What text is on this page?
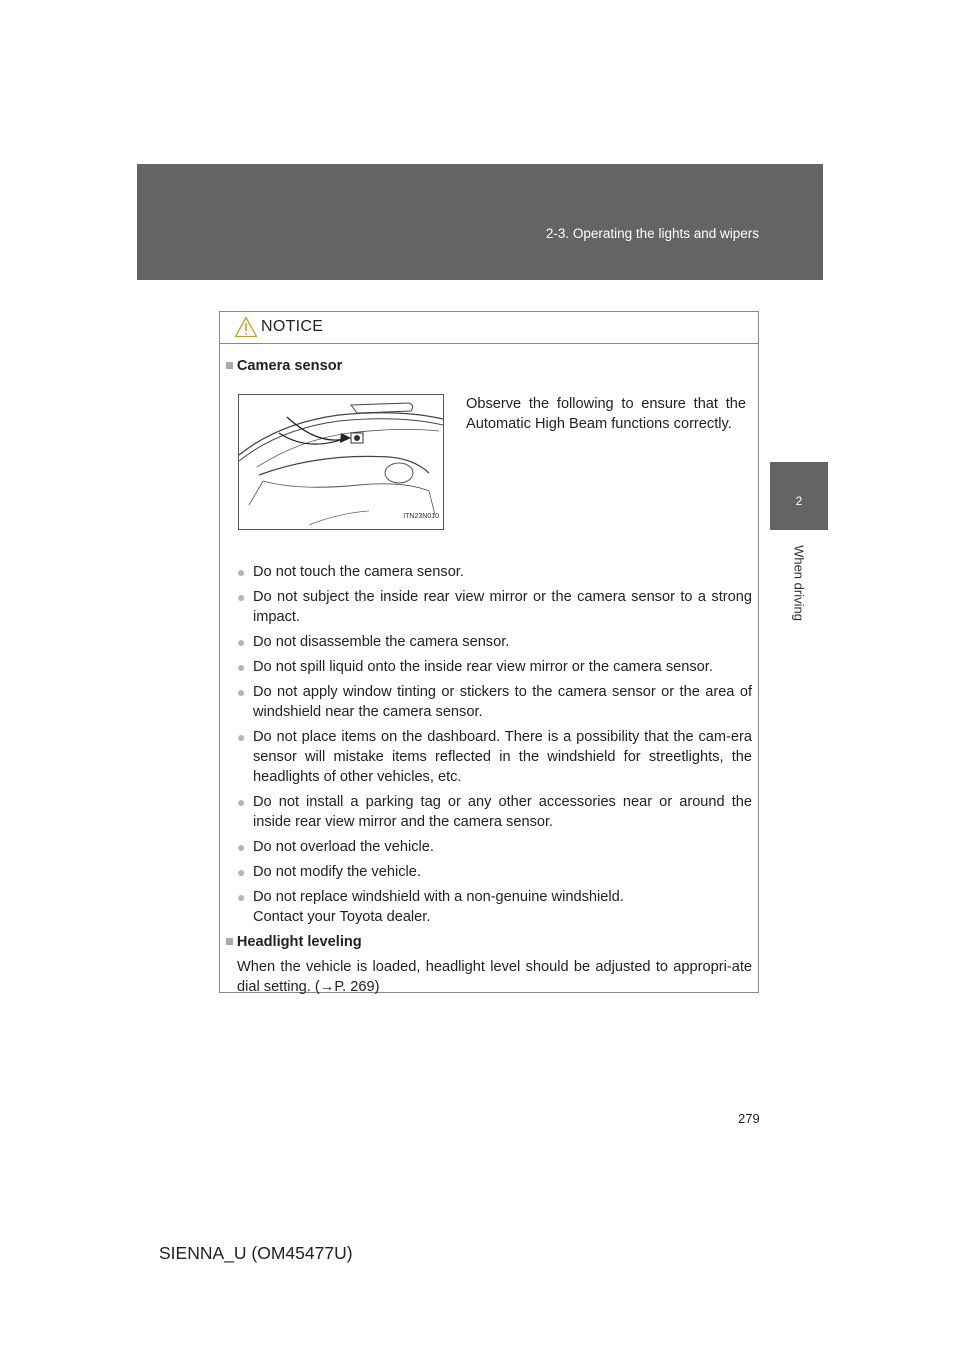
2-3. Operating the lights and wipers
2
When driving
NOTICE
■ Camera sensor
ITN23N010
Observe the following to ensure that the Automatic High Beam functions correctly.
● Do not touch the camera sensor.
● Do not subject the inside rear view mirror or the camera sensor to a strong impact.
● Do not disassemble the camera sensor.
● Do not spill liquid onto the inside rear view mirror or the camera sensor.
● Do not apply window tinting or stickers to the camera sensor or the area of windshield near the camera sensor.
● Do not place items on the dashboard. There is a possibility that the cam-era sensor will mistake items reflected in the windshield for streetlights, the headlights of other vehicles, etc.
● Do not install a parking tag or any other accessories near or around the inside rear view mirror and the camera sensor.
● Do not overload the vehicle.
● Do not modify the vehicle.
● Do not replace windshield with a non-genuine windshield.
Contact your Toyota dealer.
■ Headlight leveling
When the vehicle is loaded, headlight level should be adjusted to appropri-ate dial setting. (→P. 269)
279
SIENNA_U (OM45477U)
